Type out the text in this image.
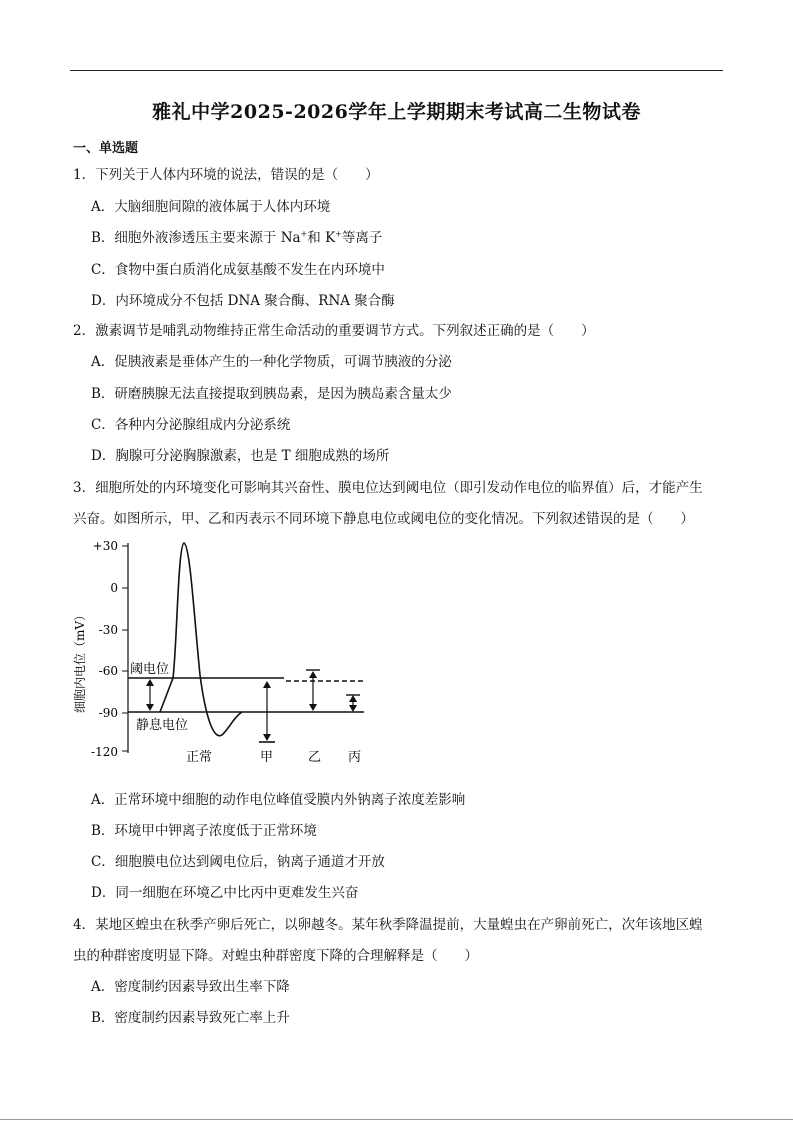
雅礼中学2025-2026学年上学期期末考试高二生物试卷
一、单选题
1．下列关于人体内环境的说法，错误的是（　　）
A．大脑细胞间隙的液体属于人体内环境
B．细胞外液渗透压主要来源于 Na+和 K+等离子
C．食物中蛋白质消化成氨基酸不发生在内环境中
D．内环境成分不包括 DNA 聚合酶、RNA 聚合酶
2．激素调节是哺乳动物维持正常生命活动的重要调节方式。下列叙述正确的是（　　）
A．促胰液素是垂体产生的一种化学物质，可调节胰液的分泌
B．研磨胰腺无法直接提取到胰岛素，是因为胰岛素含量太少
C．各种内分泌腺组成内分泌系统
D．胸腺可分泌胸腺激素，也是 T 细胞成熟的场所
3．细胞所处的内环境变化可影响其兴奋性、膜电位达到阈电位（即引发动作电位的临界值）后，才能产生
兴奋。如图所示，甲、乙和丙表示不同环境下静息电位或阈电位的变化情况。下列叙述错误的是（　　）
+30
0
-30
-60
-90
-120
细胞内电位（mV）	阈电位
静息电位
正常	甲	乙 丙
A．正常环境中细胞的动作电位峰值受膜内外钠离子浓度差影响
B．环境甲中钾离子浓度低于正常环境
C．细胞膜电位达到阈电位后，钠离子通道才开放
D．同一细胞在环境乙中比丙中更难发生兴奋
4．某地区蝗虫在秋季产卵后死亡，以卵越冬。某年秋季降温提前，大量蝗虫在产卵前死亡，次年该地区蝗
虫的种群密度明显下降。对蝗虫种群密度下降的合理解释是（　　）
A．密度制约因素导致出生率下降
B．密度制约因素导致死亡率上升
